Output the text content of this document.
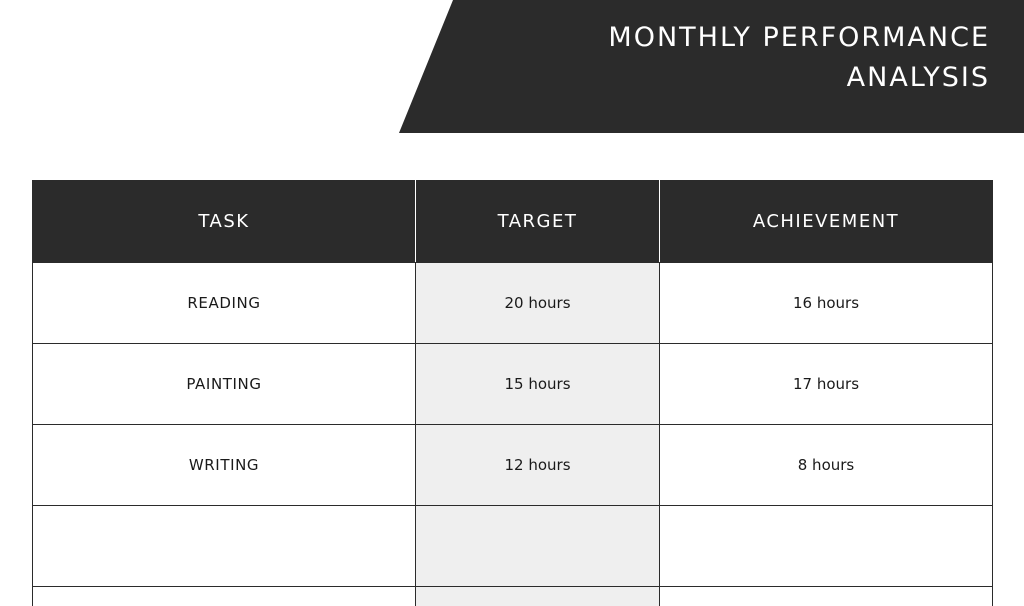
MONTHLY PERFORMANCE
ANALYSIS
TASK	TARGET	ACHIEVEMENT
READING	20 hours	16 hours
PAINTING	15 hours	17 hours
WRITING	12 hours	8 hours
